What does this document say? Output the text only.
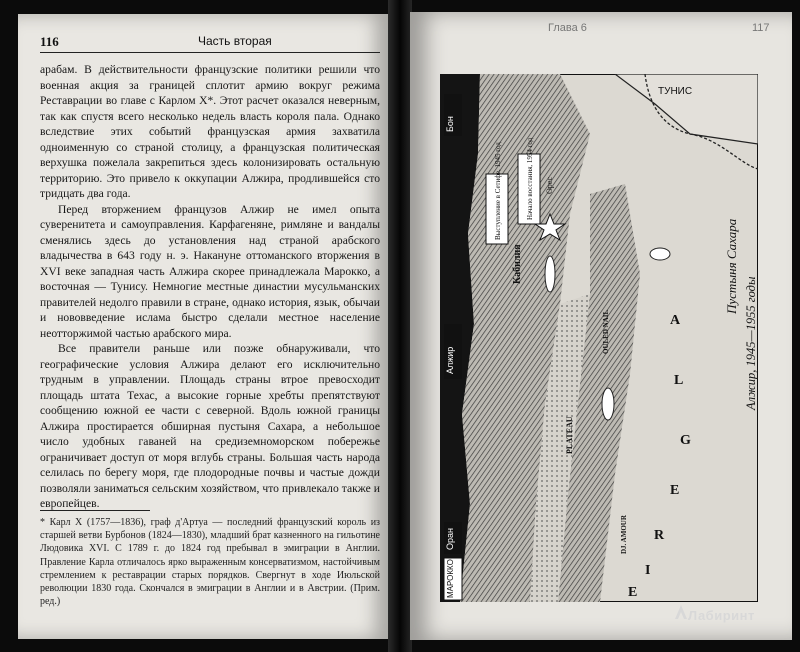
116	Часть вторая

арабам. В действительности французские политики решили что военная акция за границей сплотит армию вокруг режима Реставрации во главе с Карлом X*. Этот расчет оказался неверным, так как спустя всего несколько недель власть короля пала. Однако вследствие этих событий французская армия захватила одноименную со страной столицу, а французская политическая верхушка пожелала закрепиться здесь колонизировать остальную территорию. Это привело к оккупации Алжира, продлившейся сто тридцать два года.

Перед вторжением французов Алжир не имел опыта суверенитета и самоуправления. Карфагеняне, римляне и вандалы сменялись здесь до установления над страной арабского владычества в 643 году н. э. Накануне оттоманского вторжения в XVI веке западная часть Алжира скорее принадлежала Марокко, а восточная — Тунису. Немногие местные династии мусульманских правителей недолго правили в стране, однако история, язык, обычаи и нововведение ислама быстро сделали местное население неотторжимой частью арабского мира.

Все правители раньше или позже обнаруживали, что географические условия Алжира делают его исключительно трудным в управлении. Площадь страны втрое превосходит площадь штата Техас, а высокие горные хребты препятствуют сообщению южной ее части с северной. Вдоль южной границы Алжира простирается обширная пустыня Сахара, а небольшое число удобных гаваней на средиземноморском побережье ограничивает доступ от моря вглубь страны. Большая часть народа селилась по берегу моря, где плодородные почвы и частые дожди позволяли заниматься сельским хозяйством, что привлекало также и европейцев.

* Карл X (1757—1836), граф д'Артуа — последний французский король из старшей ветви Бурбонов (1824—1830), младший брат казненного на гильотине Людовика XVI. С 1789 г. до 1824 год пребывал в эмиграции в Англии. Правление Карла отличалось ярко выраженным консерватизмом, настойчивым стремлением к реставрации старых порядков. Свергнут в ходе Июльской революции 1830 года. Скончался в эмиграции в Англии и в Австрии. (Прим. ред.)
Глава 6	117
Бон
Алжир
Оран
МАРОККО
Выступление в Сетифе, 1945 год	Начало восстания, 1954 год
Кабилия
Орес
ТУНИС
PLATEAU
OULED NAIL
DJ. AMOUR
Пустыня Сахара
A
L
G
E
R
I
E
Алжир, 1945—1955 годы
Лабиринт
